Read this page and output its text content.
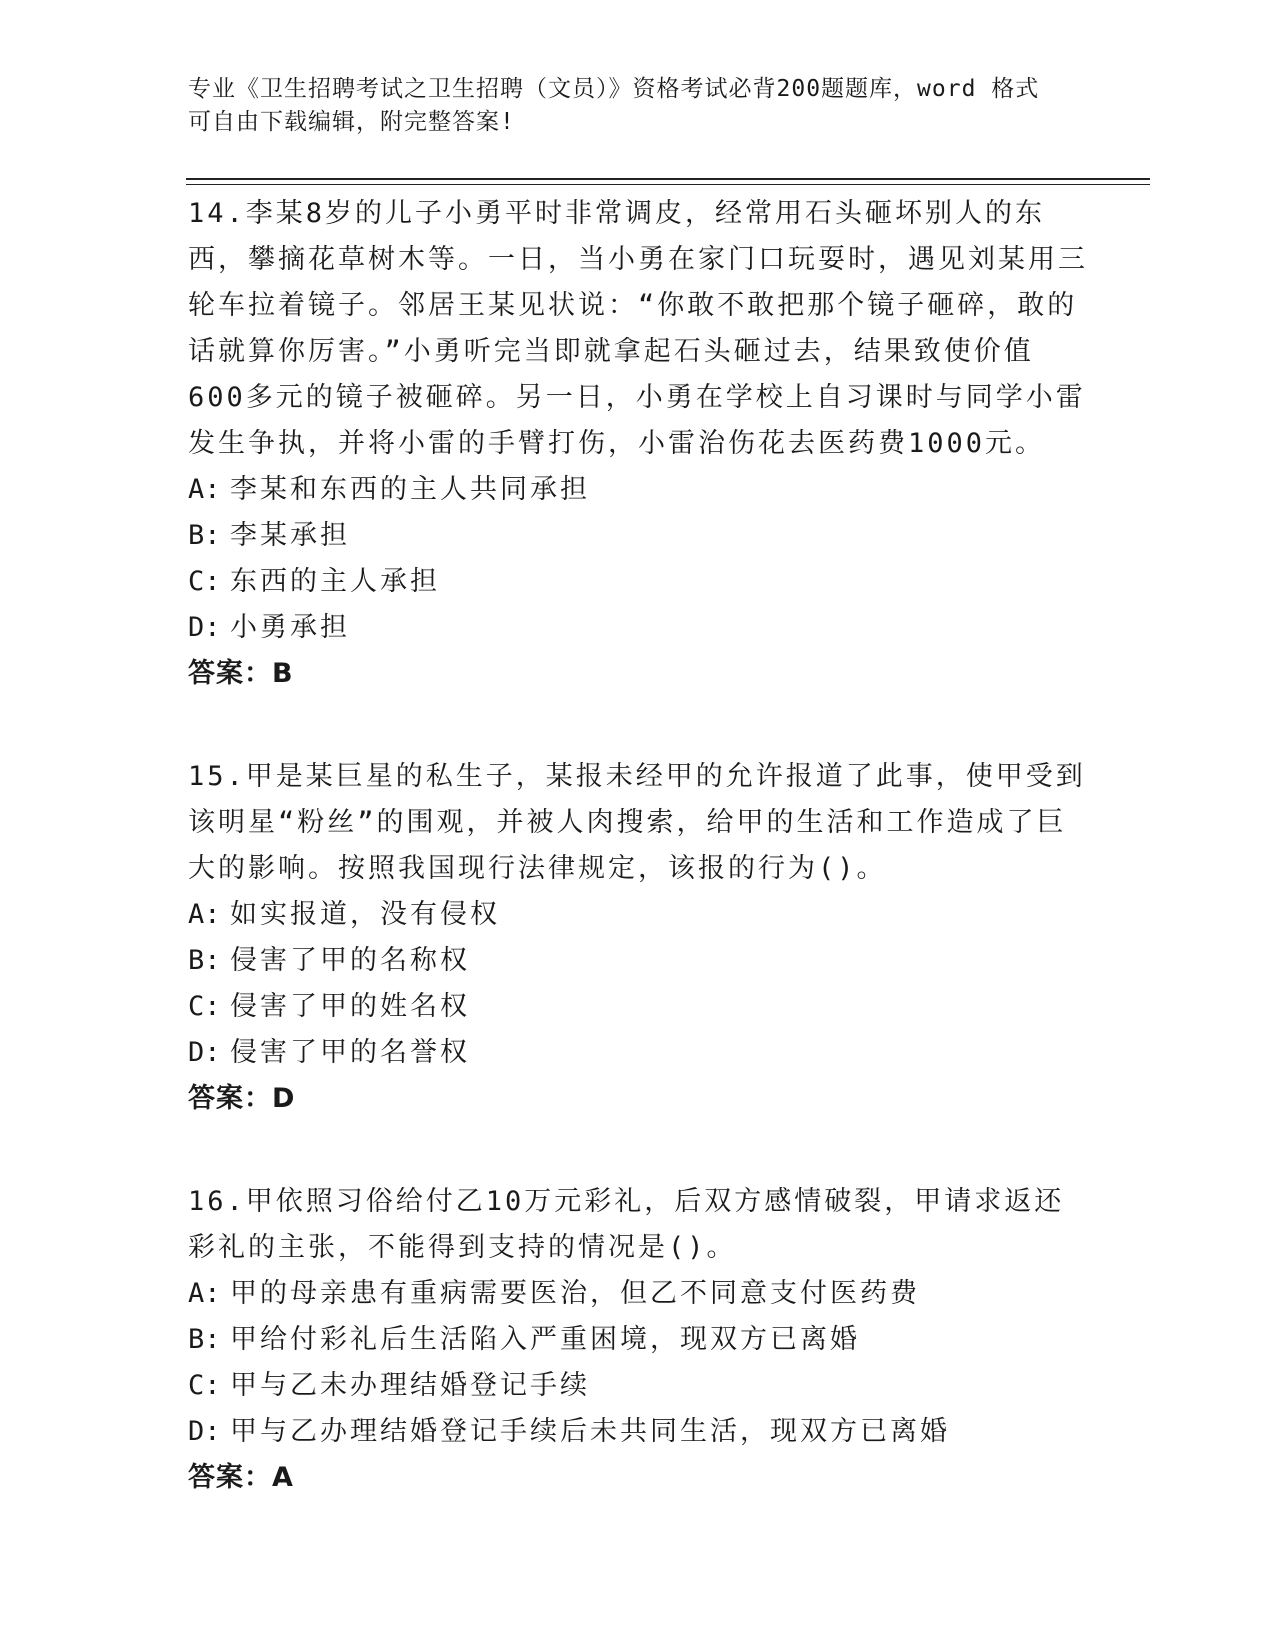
专业《卫生招聘考试之卫生招聘（文员）》资格考试必背200题题库，word 格式
可自由下载编辑，附完整答案!

14.李某8岁的儿子小勇平时非常调皮，经常用石头砸坏别人的东西，攀摘花草树木等。一日，当小勇在家门口玩耍时，遇见刘某用三轮车拉着镜子。邻居王某见状说：“你敢不敢把那个镜子砸碎，敢的话就算你厉害。”小勇听完当即就拿起石头砸过去，结果致使价值600多元的镜子被砸碎。另一日，小勇在学校上自习课时与同学小雷发生争执，并将小雷的手臂打伤，小雷治伤花去医药费1000元。

A: 李某和东西的主人共同承担

B: 李某承担

C: 东西的主人承担

D: 小勇承担

答案：B

15.甲是某巨星的私生子，某报未经甲的允许报道了此事，使甲受到该明星“粉丝”的围观，并被人肉搜索，给甲的生活和工作造成了巨大的影响。按照我国现行法律规定，该报的行为()。

A: 如实报道，没有侵权

B: 侵害了甲的名称权

C: 侵害了甲的姓名权

D: 侵害了甲的名誉权

答案：D

16.甲依照习俗给付乙10万元彩礼，后双方感情破裂，甲请求返还彩礼的主张，不能得到支持的情况是()。

A: 甲的母亲患有重病需要医治，但乙不同意支付医药费

B: 甲给付彩礼后生活陷入严重困境，现双方已离婚

C: 甲与乙未办理结婚登记手续

D: 甲与乙办理结婚登记手续后未共同生活，现双方已离婚

答案：A
